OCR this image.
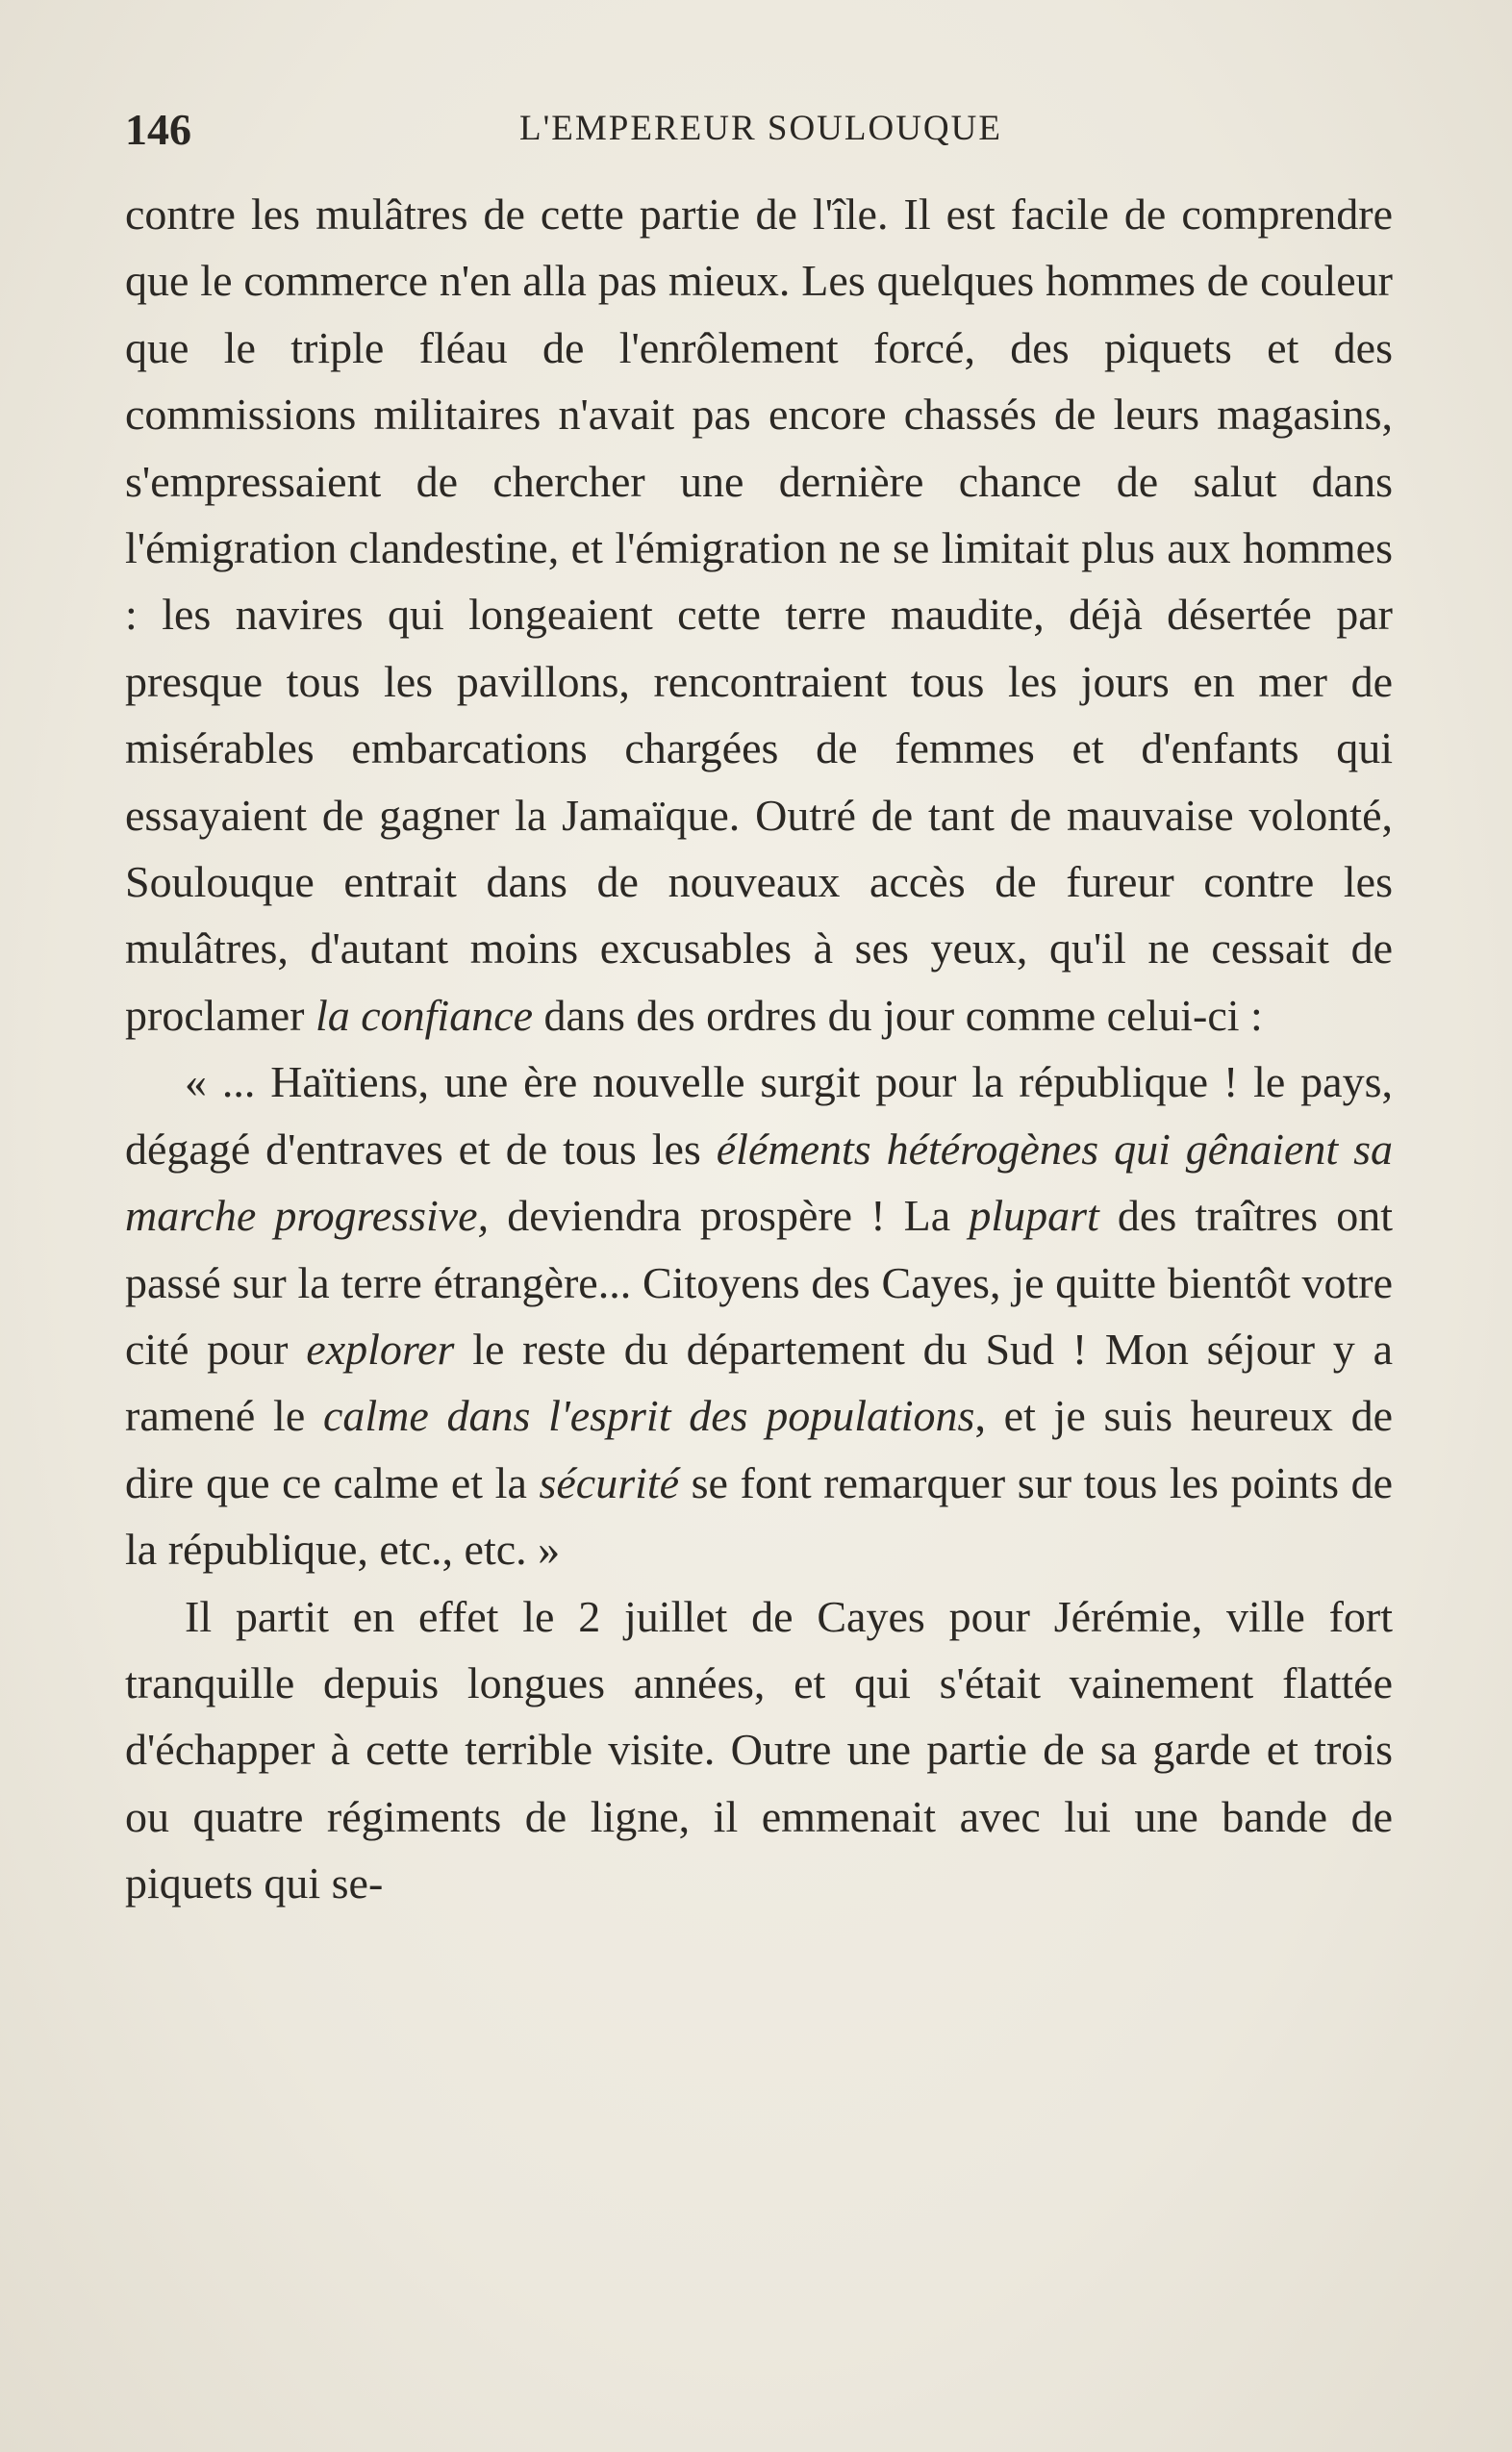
146	L'EMPEREUR SOULOUQUE

contre les mulâtres de cette partie de l'île. Il est facile de comprendre que le commerce n'en alla pas mieux. Les quelques hommes de couleur que le triple fléau de l'enrôlement forcé, des piquets et des commissions militaires n'avait pas encore chassés de leurs magasins, s'empressaient de chercher une dernière chance de salut dans l'émigration clandestine, et l'émigration ne se limitait plus aux hommes : les navires qui longeaient cette terre maudite, déjà désertée par presque tous les pavillons, rencontraient tous les jours en mer de misérables embarcations chargées de femmes et d'enfants qui essayaient de gagner la Jamaïque. Outré de tant de mauvaise volonté, Soulouque entrait dans de nouveaux accès de fureur contre les mulâtres, d'autant moins excusables à ses yeux, qu'il ne cessait de proclamer la confiance dans des ordres du jour comme celui-ci :

« ... Haïtiens, une ère nouvelle surgit pour la république ! le pays, dégagé d'entraves et de tous les éléments hétérogènes qui gênaient sa marche progressive, deviendra prospère ! La plupart des traîtres ont passé sur la terre étrangère... Citoyens des Cayes, je quitte bientôt votre cité pour explorer le reste du département du Sud ! Mon séjour y a ramené le calme dans l'esprit des populations, et je suis heureux de dire que ce calme et la sécurité se font remarquer sur tous les points de la république, etc., etc. »

Il partit en effet le 2 juillet de Cayes pour Jérémie, ville fort tranquille depuis longues années, et qui s'était vainement flattée d'échapper à cette terrible visite. Outre une partie de sa garde et trois ou quatre régiments de ligne, il emmenait avec lui une bande de piquets qui se-
